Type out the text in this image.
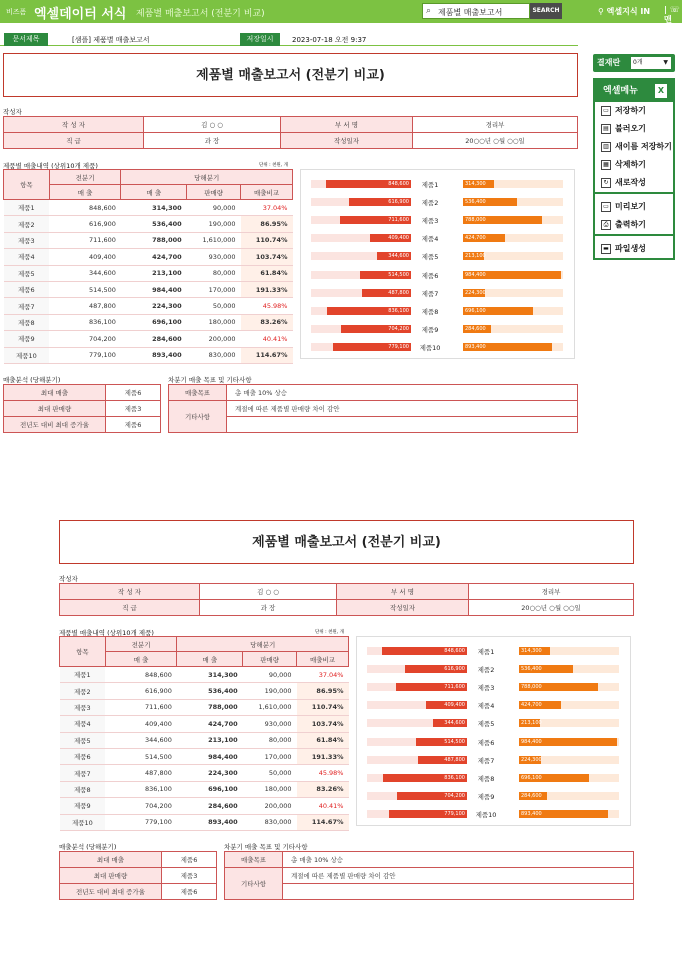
비즈폼 엑셀데이터 서식 제품별 매출보고서 (전분기 비교)	⌕ 제품별 매출보고서	SEARCH	⚲ 엑셀지식 IN | ☏맨
문서제목	[샘플] 제품별 매출보고서	저장일시	2023-07-18 오전 9:37
결재란	0개	▼
엑셀메뉴	X
▭ 저장하기
▤ 불러오기
▥ 새이름 저장하기
▦ 삭제하기
↻ 새로작성
▭ 미리보기
⎙ 출력하기
▬ 파일생성
제품별 매출보고서 (전분기 비교)
작성자
작 성 자	김 ○ ○	부 서 명	경리부
직 급	과 장	작성일자	20○○년 ○월 ○○일
제품별 매출내역 (상위10개 제품)	단위 : 천원, 개
항목	전분기	당해분기		
	매 출	매 출	판매량	매출비교
제품1	848,600	314,300	90,000	37.04%
제품2	616,900	536,400	190,000	86.95%
제품3	711,600	788,000	1,610,000	110.74%
제품4	409,400	424,700	930,000	103.74%
제품5	344,600	213,100	80,000	61.84%
제품6	514,500	984,400	170,000	191.33%
제품7	487,800	224,300	50,000	45.98%
제품8	836,100	696,100	180,000	83.26%
제품9	704,200	284,600	200,000	40.41%
제품10	779,100	893,400	830,000	114.67%
848,600	제품1	314,300
616,900	제품2	536,400
711,600	제품3	788,000
409,400	제품4	424,700
344,600	제품5	213,100
514,500	제품6	984,400
487,800	제품7	224,300
836,100	제품8	696,100
704,200	제품9	284,600
779,100	제품10	893,400
매출분석 (당해분기)
최대 매출	제품6
최대 판매량	제품3
전년도 대비 최대 증가율	제품6
차분기 매출 목표 및 기타사항
매출목표	총 매출 10% 상승
기타사항	계절에 따른 제품별 판매량 차이 감안

제품별 매출보고서 (전분기 비교)
작성자
작 성 자	김 ○ ○	부 서 명	경리부
직 급	과 장	작성일자	20○○년 ○월 ○○일
제품별 매출내역 (상위10개 제품)	단위 : 천원, 개
항목	전분기	당해분기		
	매 출	매 출	판매량	매출비교
제품1	848,600	314,300	90,000	37.04%
제품2	616,900	536,400	190,000	86.95%
제품3	711,600	788,000	1,610,000	110.74%
제품4	409,400	424,700	930,000	103.74%
제품5	344,600	213,100	80,000	61.84%
제품6	514,500	984,400	170,000	191.33%
제품7	487,800	224,300	50,000	45.98%
제품8	836,100	696,100	180,000	83.26%
제품9	704,200	284,600	200,000	40.41%
제품10	779,100	893,400	830,000	114.67%
848,600	제품1	314,300
616,900	제품2	536,400
711,600	제품3	788,000
409,400	제품4	424,700
344,600	제품5	213,100
514,500	제품6	984,400
487,800	제품7	224,300
836,100	제품8	696,100
704,200	제품9	284,600
779,100	제품10	893,400
매출분석 (당해분기)
최대 매출	제품6
최대 판매량	제품3
전년도 대비 최대 증가율	제품6
차분기 매출 목표 및 기타사항
매출목표	총 매출 10% 상승
기타사항	계절에 따른 제품별 판매량 차이 감안
